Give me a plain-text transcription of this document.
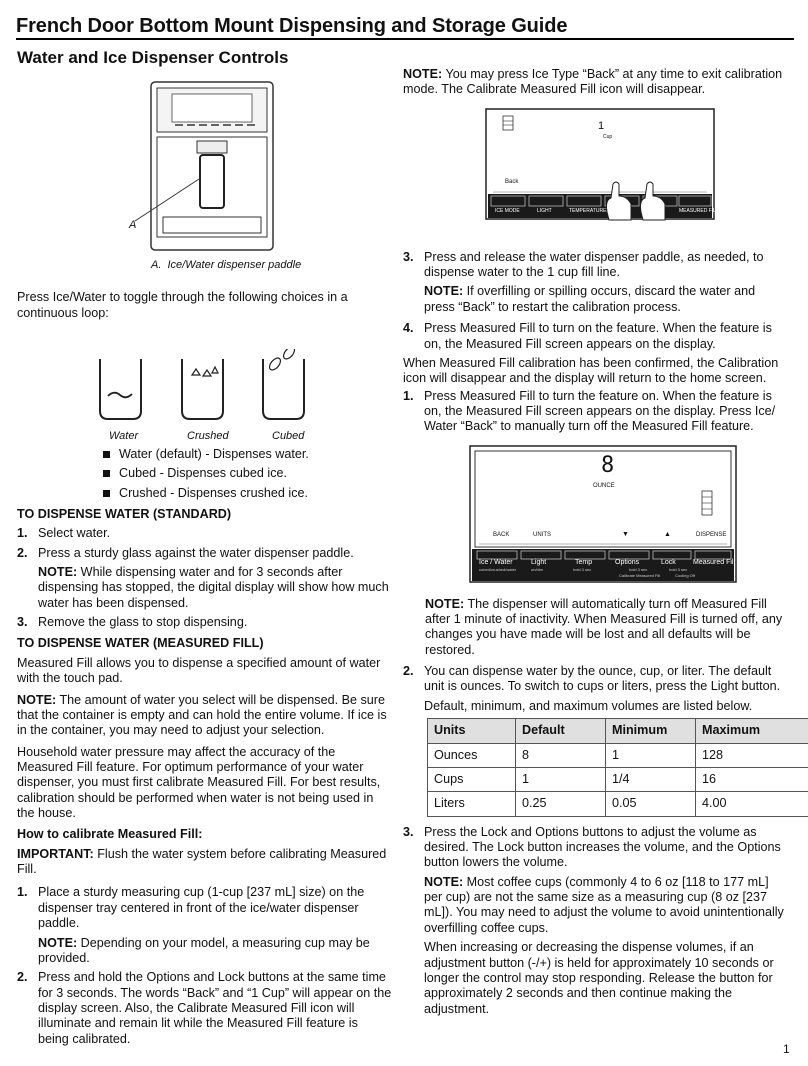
French Door Bottom Mount Dispensing and Storage Guide
Water and Ice Dispenser Controls
A
A.  Ice/Water dispenser paddle

Press Ice/Water to toggle through the following choices in a continuous loop:

Water	Crushed	Cubed
Water (default) - Dispenses water.
Cubed - Dispenses cubed ice.
Crushed - Dispenses crushed ice.
TO DISPENSE WATER (STANDARD)
1. Select water.
2. Press a sturdy glass against the water dispenser paddle.
NOTE: While dispensing water and for 3 seconds after dispensing has stopped, the digital display will show how much water has been dispensed.
3. Remove the glass to stop dispensing.
TO DISPENSE WATER (MEASURED FILL)

Measured Fill allows you to dispense a specified amount of water with the touch pad.

NOTE: The amount of water you select will be dispensed. Be sure that the container is empty and can hold the entire volume. If ice is in the container, you may need to adjust your selection.

Household water pressure may affect the accuracy of the Measured Fill feature. For optimum performance of your water dispenser, you must first calibrate Measured Fill. For best results, calibration should be performed when water is not being used in the house.

How to calibrate Measured Fill:

IMPORTANT: Flush the water system before calibrating Measured Fill.

1. Place a sturdy measuring cup (1-cup [237 mL] size) on the dispenser tray centered in front of the ice/water dispenser paddle.
NOTE: Depending on your model, a measuring cup may be provided.
2. Press and hold the Options and Lock buttons at the same time for 3 seconds. The words “Back” and “1 Cup” will appear on the display screen. Also, the Calibrate Measured Fill icon will illuminate and remain lit while the Measured Fill feature is being calibrated.

NOTE: You may press Ice Type “Back” at any time to exit calibration mode. The Calibrate Measured Fill icon will disappear.

1
Cup
Back
ICE MODE	LIGHT	TEMPERATURE	MEASURED FILL
3. Press and release the water dispenser paddle, as needed, to dispense water to the 1 cup fill line.
NOTE: If overfilling or spilling occurs, discard the water and press “Back” to restart the calibration process.
4. Press Measured Fill to turn on the feature. When the feature is on, the Measured Fill screen appears on the display.

When Measured Fill calibration has been confirmed, the Calibration icon will disappear and the display will return to the home screen.

1. Press Measured Fill to turn the feature on. When the feature is on, the Measured Fill screen appears on the display. Press Ice/ Water “Back” to manually turn off the Measured Fill feature.
8
OUNCE
BACK	UNITS	▼	▲	DISPENSE
Ice / Water	Light	Temp	Options	Lock Measured Fill
cubed/crushed/water	on/dim	hold 3 sec	hold 3 sec	hold 3 sec
Calibrate Measured Fill	Cooling Off

NOTE: The dispenser will automatically turn off Measured Fill after 1 minute of inactivity. When Measured Fill is turned off, any changes you have made will be lost and all defaults will be restored.

2. You can dispense water by the ounce, cup, or liter. The default unit is ounces. To switch to cups or liters, press the Light button.
Default, minimum, and maximum volumes are listed below.
Units	Default	Minimum	Maximum
Ounces	8	1	128
Cups	1	1/4	16
Liters	0.25	0.05	4.00
3. Press the Lock and Options buttons to adjust the volume as desired. The Lock button increases the volume, and the Options button lowers the volume.
NOTE: Most coffee cups (commonly 4 to 6 oz [118 to 177 mL] per cup) are not the same size as a measuring cup (8 oz [237 mL]). You may need to adjust the volume to avoid unintentionally overfilling coffee cups.
When increasing or decreasing the dispense volumes, if an adjustment button (-/+) is held for approximately 10 seconds or longer the control may stop responding. Release the button for approximately 2 seconds and then continue making the adjustment.
1
